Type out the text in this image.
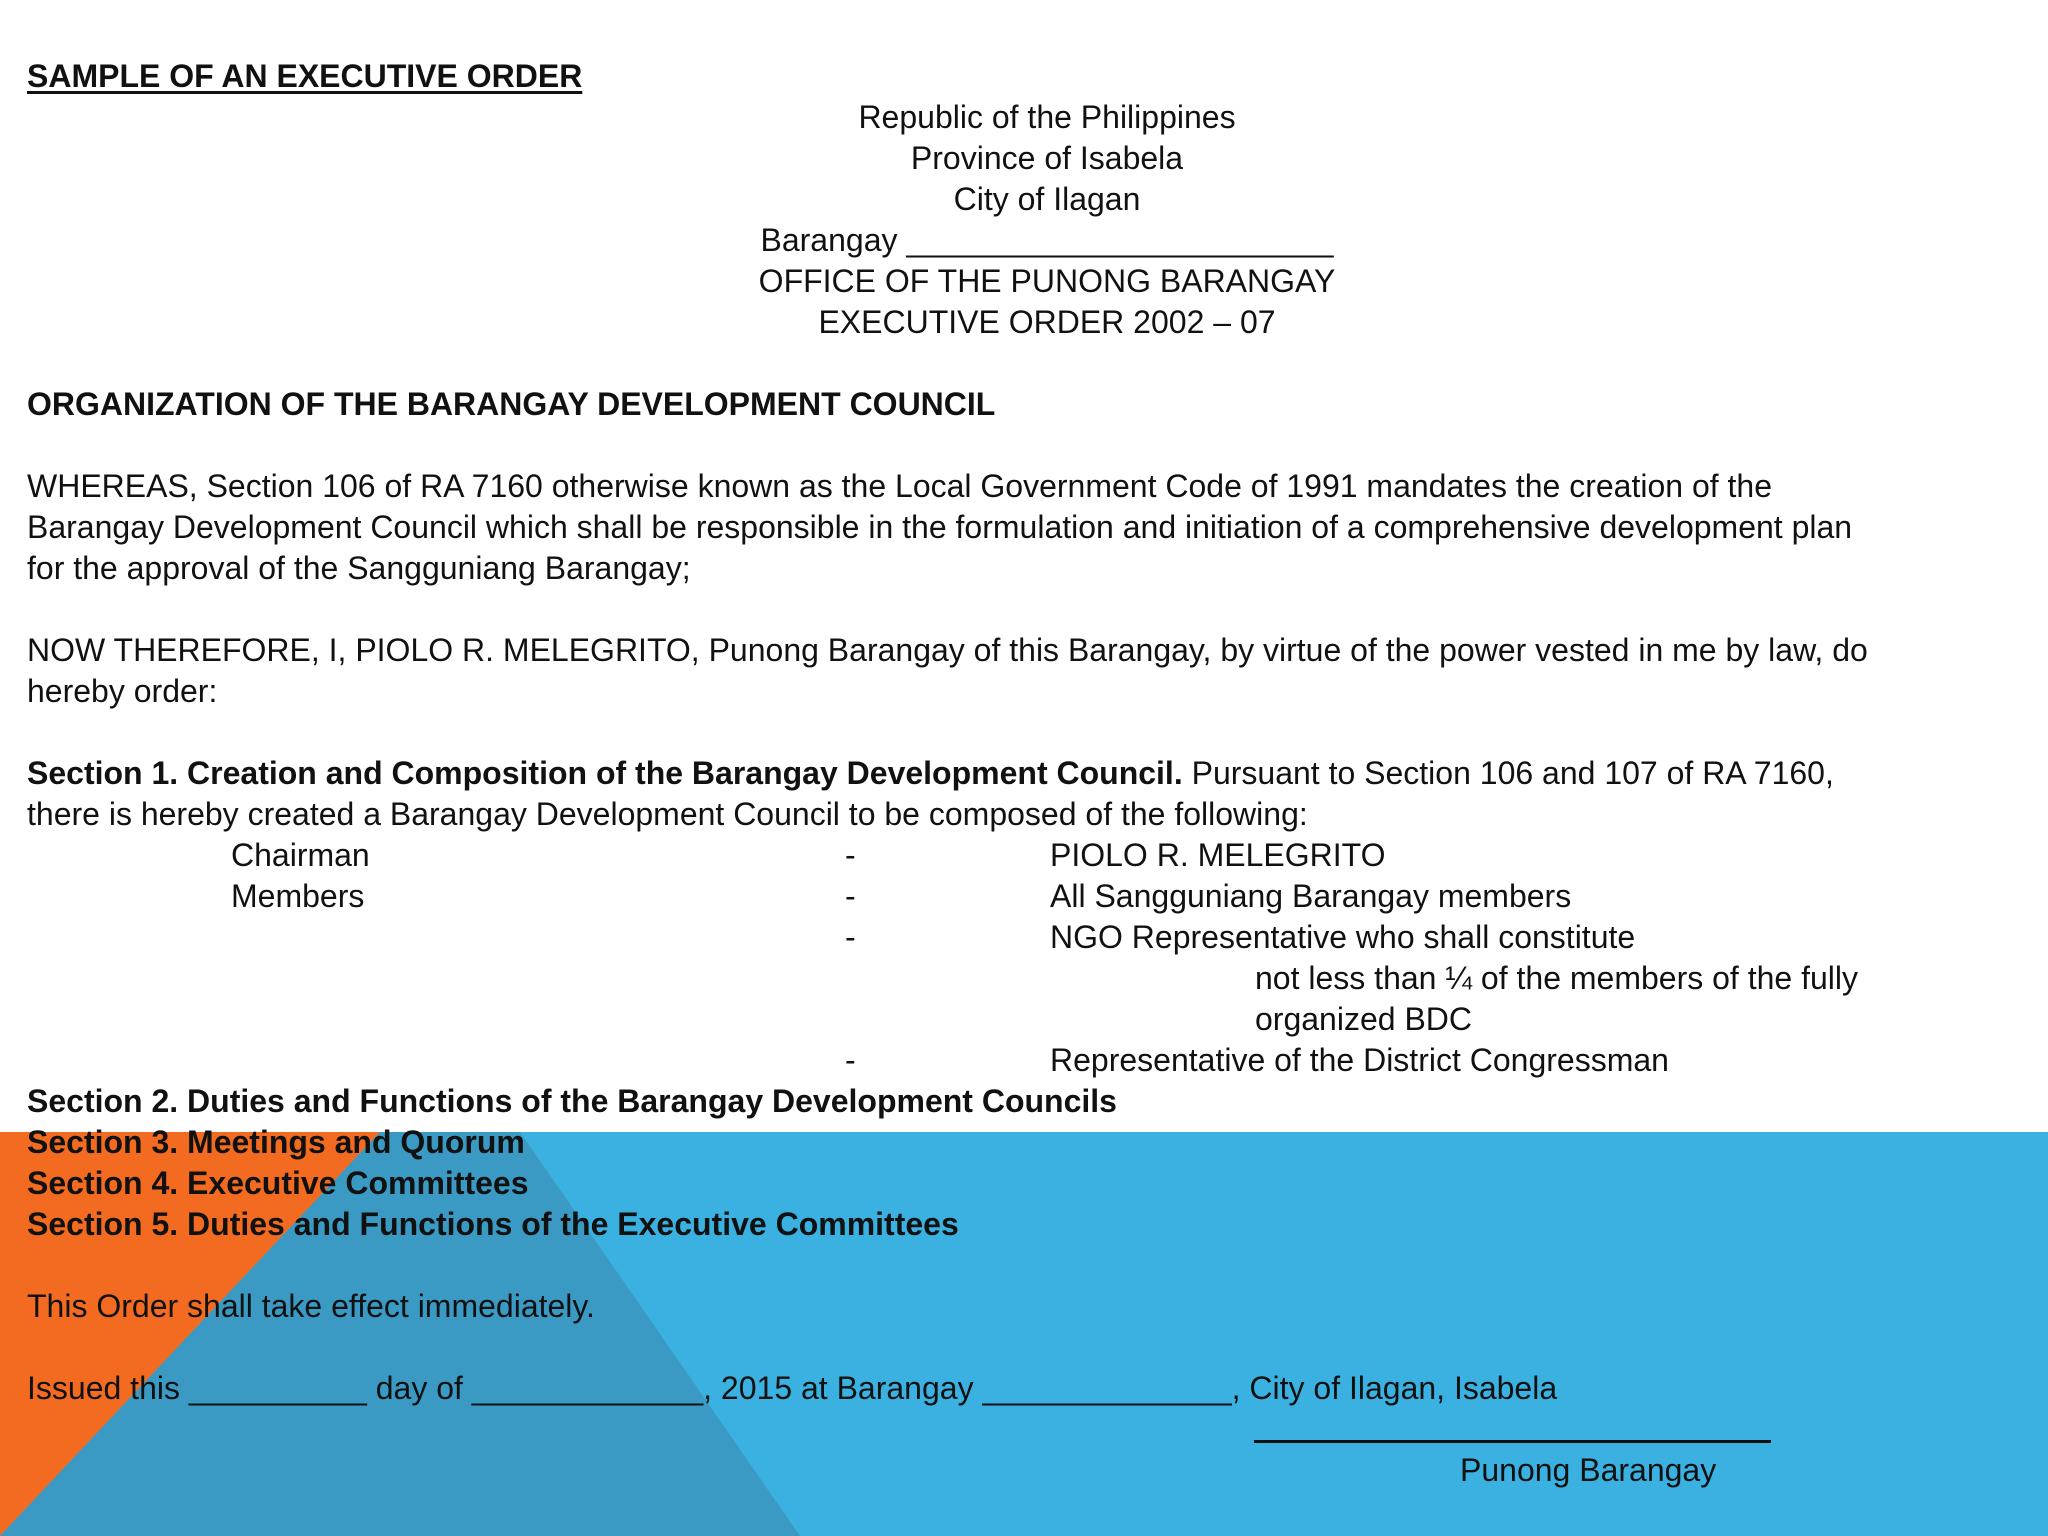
SAMPLE OF AN EXECUTIVE ORDER
Republic of the Philippines
Province of Isabela
City of Ilagan
Barangay ________________________
OFFICE OF THE PUNONG BARANGAY
EXECUTIVE ORDER 2002 – 07
ORGANIZATION OF THE BARANGAY DEVELOPMENT COUNCIL
WHEREAS, Section 106 of RA 7160 otherwise known as the Local Government Code of 1991 mandates the creation of the
Barangay Development Council which shall be responsible in the formulation and initiation of a comprehensive development plan
for the approval of the Sangguniang Barangay;
NOW THEREFORE, I, PIOLO R. MELEGRITO, Punong Barangay of this Barangay, by virtue of the power vested in me by law, do
hereby order:
Section 1. Creation and Composition of the Barangay Development Council. Pursuant to Section 106 and 107 of RA 7160,
there is hereby created a Barangay Development Council to be composed of the following:
Chairman	-	PIOLO R. MELEGRITO
Members	-	All Sangguniang Barangay members
-	NGO Representative who shall constitute
not less than ¼ of the members of the fully
organized BDC
-	Representative of the District Congressman
Section 2. Duties and Functions of the Barangay Development Councils
Section 3. Meetings and Quorum
Section 4. Executive Committees
Section 5. Duties and Functions of the Executive Committees
This Order shall take effect immediately.
Issued this __________ day of _____________, 2015 at Barangay ______________, City of Ilagan, Isabela
Punong Barangay
